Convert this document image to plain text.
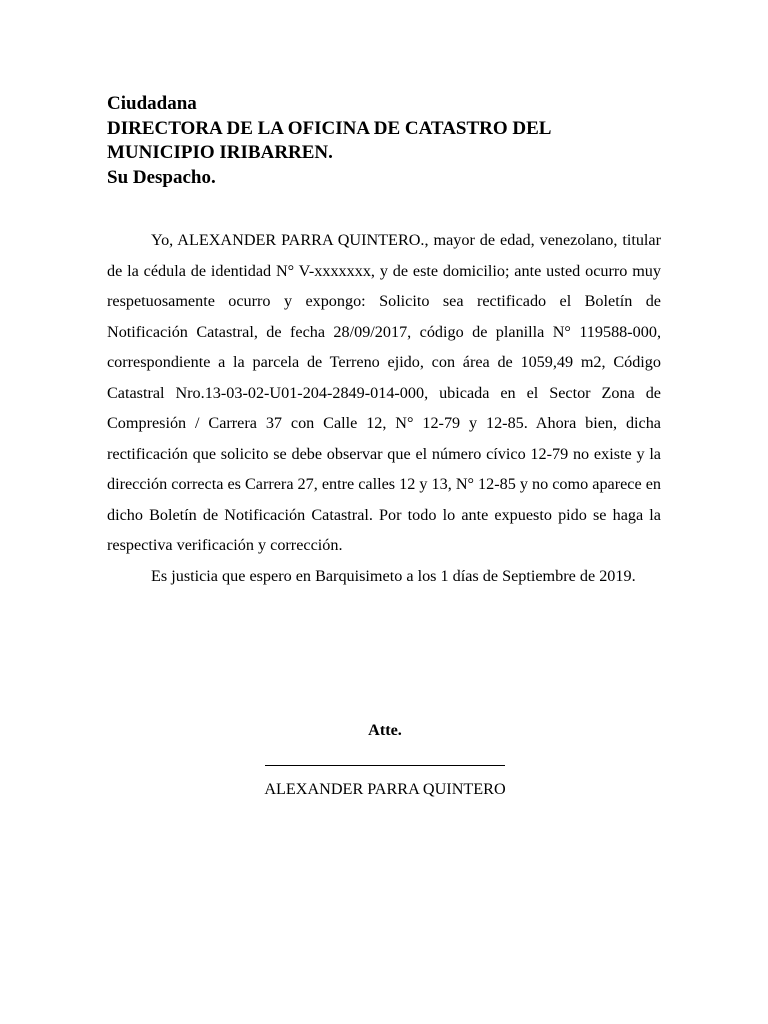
Ciudadana
DIRECTORA DE LA OFICINA DE CATASTRO DEL
MUNICIPIO IRIBARREN.
Su Despacho.

Yo, ALEXANDER PARRA QUINTERO., mayor de edad, venezolano, titular de la cédula de identidad N° V-xxxxxxx, y de este domicilio; ante usted ocurro muy respetuosamente ocurro y expongo: Solicito sea rectificado el Boletín de Notificación Catastral, de fecha 28/09/2017, código de planilla N° 119588-000, correspondiente a la parcela de Terreno ejido, con área de 1059,49 m2, Código Catastral Nro.13-03-02-U01-204-2849-014-000, ubicada en el Sector Zona de Compresión / Carrera 37 con Calle 12, N° 12-79 y 12-85. Ahora bien, dicha rectificación que solicito se debe observar que el número cívico 12-79 no existe y la dirección correcta es Carrera 27, entre calles 12 y 13, N° 12-85 y no como aparece en dicho Boletín de Notificación Catastral. Por todo lo ante expuesto pido se haga la respectiva verificación y corrección.

Es justicia que espero en Barquisimeto a los 1 días de Septiembre de 2019.

Atte.
ALEXANDER PARRA QUINTERO
